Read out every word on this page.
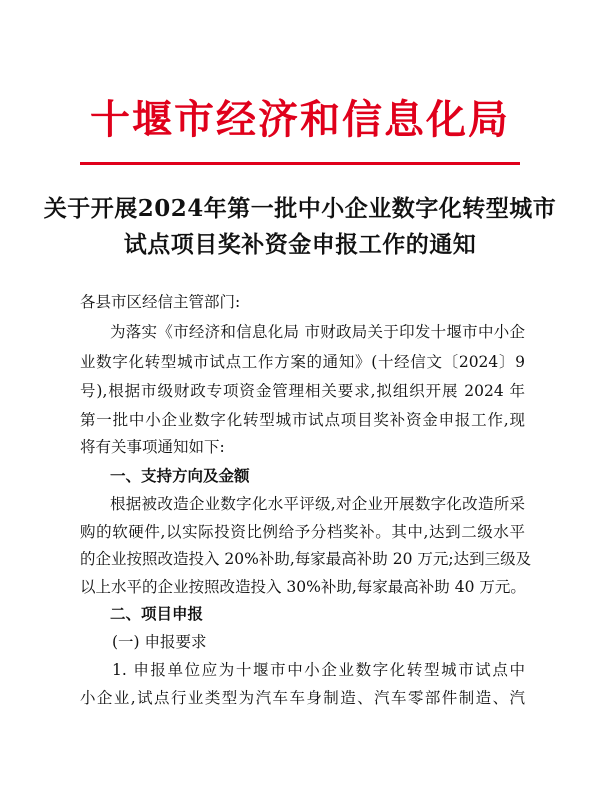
十堰市经济和信息化局
关于开展2024年第一批中小企业数字化转型城市
试点项目奖补资金申报工作的通知
各县市区经信主管部门:
为落实《市经济和信息化局 市财政局关于印发十堰市中小企
业数字化转型城市试点工作方案的通知》(十经信文〔2024〕9
号),根据市级财政专项资金管理相关要求,拟组织开展 2024 年
第一批中小企业数字化转型城市试点项目奖补资金申报工作,现
将有关事项通知如下:
一、支持方向及金额
根据被改造企业数字化水平评级,对企业开展数字化改造所采
购的软硬件,以实际投资比例给予分档奖补。其中,达到二级水平
的企业按照改造投入 20%补助,每家最高补助 20 万元;达到三级及
以上水平的企业按照改造投入 30%补助,每家最高补助 40 万元。
二、项目申报
(一) 申报要求
1. 申报单位应为十堰市中小企业数字化转型城市试点中
小企业,试点行业类型为汽车车身制造、汽车零部件制造、汽
